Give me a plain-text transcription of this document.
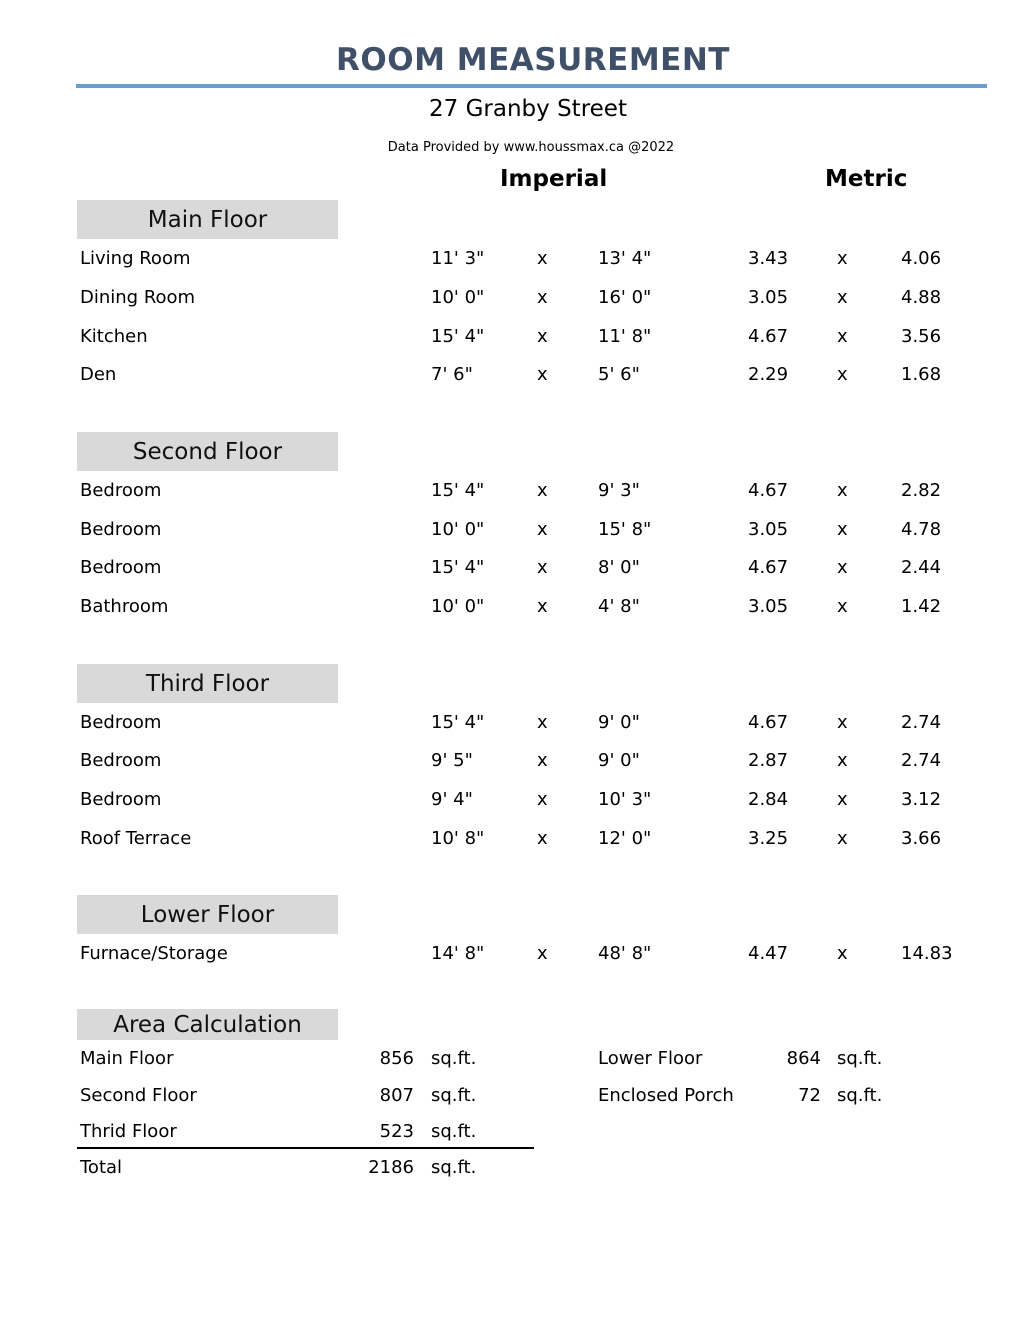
ROOM MEASUREMENT
27 Granby Street
Data Provided by www.houssmax.ca @2022
Imperial	Metric
Main Floor
Living Room	11' 3"	x	13' 4"	3.43	x	4.06
Dining Room	10' 0"	x	16' 0"	3.05	x	4.88
Kitchen	15' 4"	x	11' 8"	4.67	x	3.56
Den	7' 6"	x	5' 6"	2.29	x	1.68
Second Floor
Bedroom	15' 4"	x	9' 3"	4.67	x	2.82
Bedroom	10' 0"	x	15' 8"	3.05	x	4.78
Bedroom	15' 4"	x	8' 0"	4.67	x	2.44
Bathroom	10' 0"	x	4' 8"	3.05	x	1.42
Third Floor
Bedroom	15' 4"	x	9' 0"	4.67	x	2.74
Bedroom	9' 5"	x	9' 0"	2.87	x	2.74
Bedroom	9' 4"	x	10' 3"	2.84	x	3.12
Roof Terrace	10' 8"	x	12' 0"	3.25	x	3.66
Lower Floor
Furnace/Storage	14' 8"	x	48' 8"	4.47	x	14.83
Area Calculation
Main Floor	856 sq.ft.	Lower Floor	864 sq.ft.
Second Floor	807 sq.ft.	Enclosed Porch	72 sq.ft.
Thrid Floor	523 sq.ft.
Total	2186 sq.ft.
